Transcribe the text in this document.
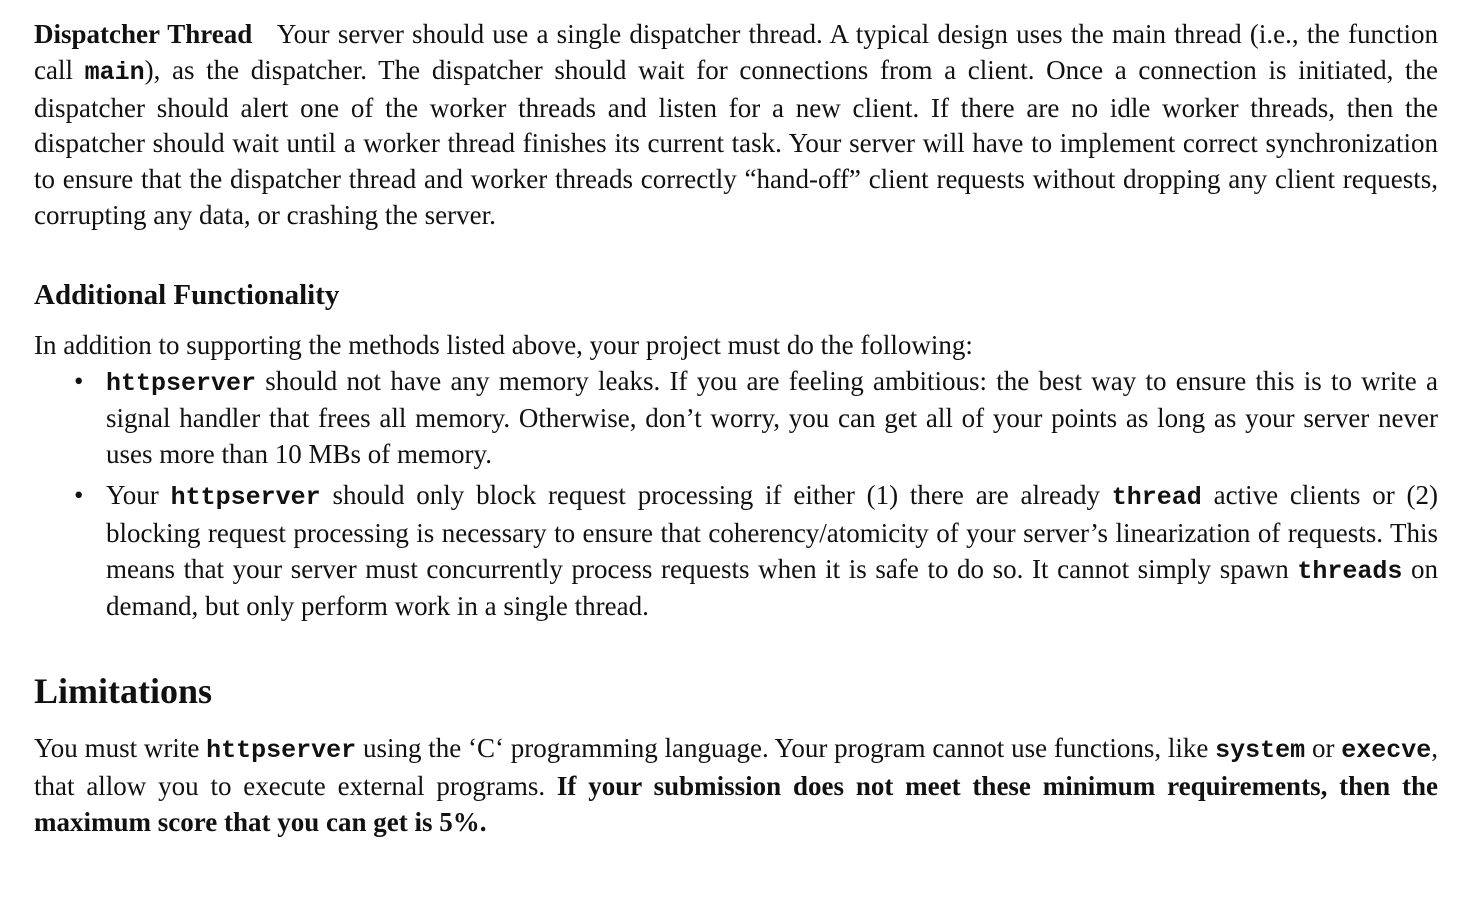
Dispatcher Thread Your server should use a single dispatcher thread. A typical design uses the main thread (i.e., the function call main), as the dispatcher. The dispatcher should wait for connections from a client. Once a connection is initiated, the dispatcher should alert one of the worker threads and listen for a new client. If there are no idle worker threads, then the dispatcher should wait until a worker thread finishes its current task. Your server will have to implement correct synchronization to ensure that the dispatcher thread and worker threads correctly “hand-off” client requests without dropping any client requests, corrupting any data, or crashing the server.

Additional Functionality

In addition to supporting the methods listed above, your project must do the following:

• httpserver should not have any memory leaks. If you are feeling ambitious: the best way to ensure this is to write a signal handler that frees all memory. Otherwise, don’t worry, you can get all of your points as long as your server never uses more than 10 MBs of memory.
• Your httpserver should only block request processing if either (1) there are already thread active clients or (2) blocking request processing is necessary to ensure that coherency/atomicity of your server’s linearization of requests. This means that your server must concurrently process requests when it is safe to do so. It cannot simply spawn threads on demand, but only perform work in a single thread.
Limitations

You must write httpserver using the ‘C‘ programming language. Your program cannot use functions, like system or execve, that allow you to execute external programs. If your submission does not meet these minimum requirements, then the maximum score that you can get is 5%.
